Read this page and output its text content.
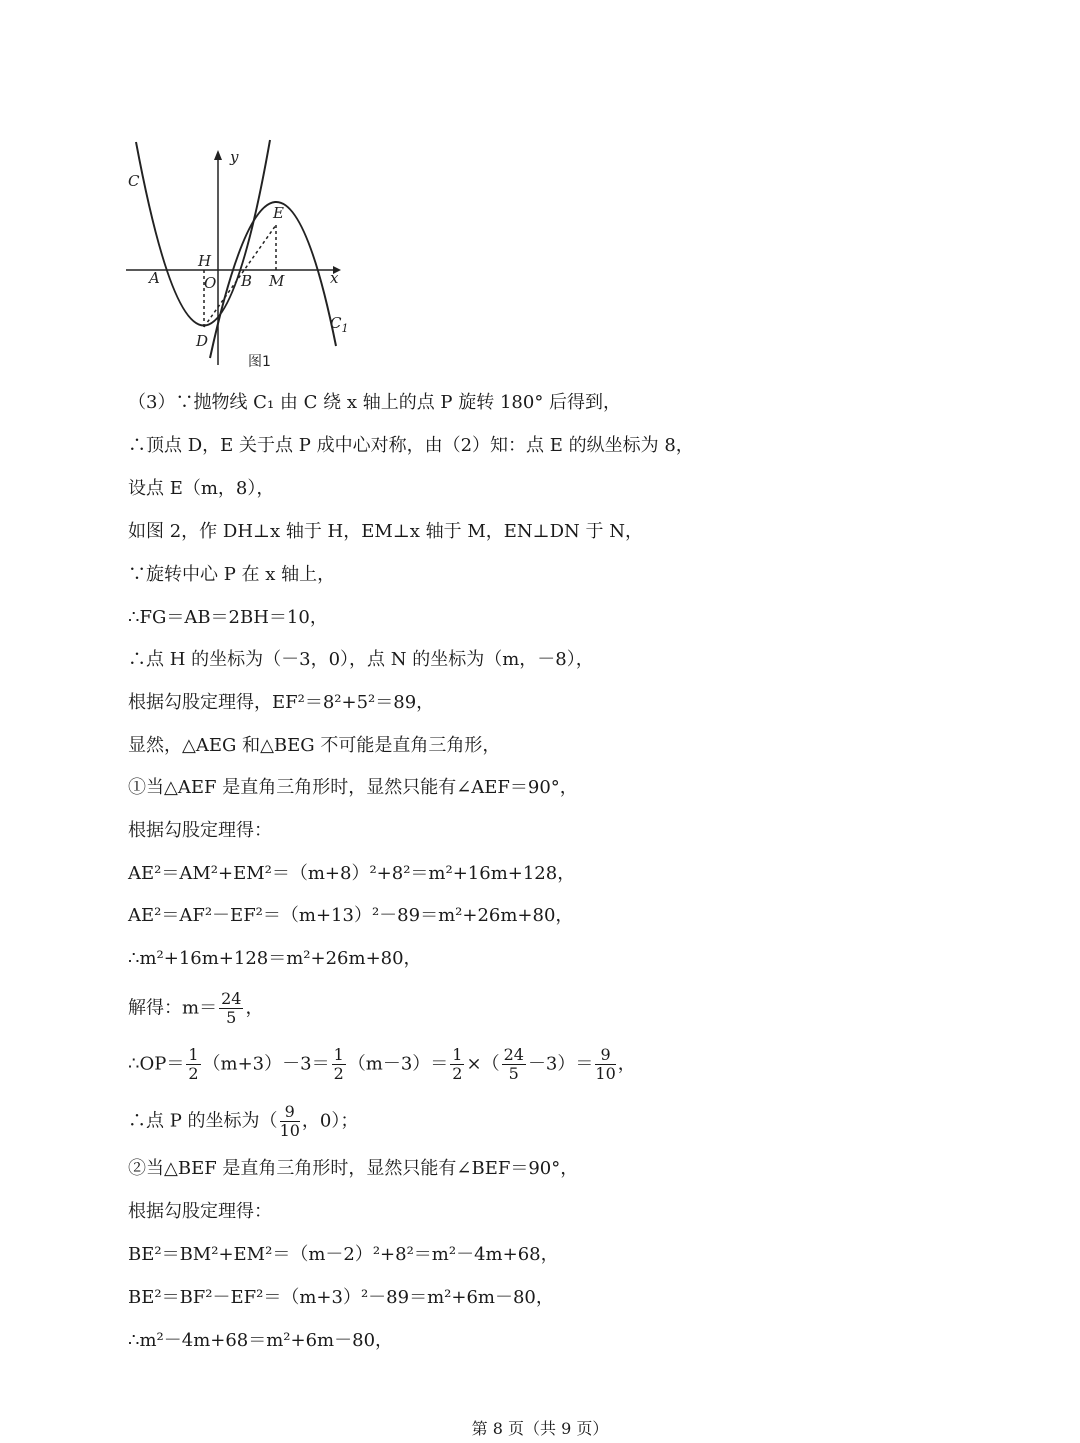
C
y
E
H
A	O B M	x
$C_1$
D
图1
（3）∵抛物线 C₁ 由 C 绕 x 轴上的点 P 旋转 180° 后得到，
∴顶点 D，E 关于点 P 成中心对称，由（2）知：点 E 的纵坐标为 8，
设点 E（m，8），
如图 2，作 DH⊥x 轴于 H，EM⊥x 轴于 M，EN⊥DN 于 N，
∵旋转中心 P 在 x 轴上，
∴FG＝AB＝2BH＝10，
∴点 H 的坐标为（－3，0），点 N 的坐标为（m，－8），
根据勾股定理得，EF²＝8²+5²＝89，
显然，△AEG 和△BEG 不可能是直角三角形，
①当△AEF 是直角三角形时，显然只能有∠AEF＝90°，
根据勾股定理得：
AE²＝AM²+EM²＝（m+8）²+8²＝m²+16m+128，
AE²＝AF²－EF²＝（m+13）²－89＝m²+26m+80，
∴m²+16m+128＝m²+26m+80，
解得：$m= \frac{24}{5}$ ，
∴OP＝ $\frac{1}{2} (m+3)-3= \frac{1}{2} (m-3)= \frac{1}{2}$ ×（ $\frac{24}{5} -3)= \frac{9}{10}$ ，
∴点 P 的坐标为（ $\frac{9}{10}$ ，0）；
②当△BEF 是直角三角形时，显然只能有∠BEF＝90°，
根据勾股定理得：
BE²＝BM²+EM²＝（m－2）²+8²＝m²－4m+68，
BE²＝BF²－EF²＝（m+3）²－89＝m²+6m－80，
∴m²－4m+68＝m²+6m－80，
第 8 页（共 9 页）
